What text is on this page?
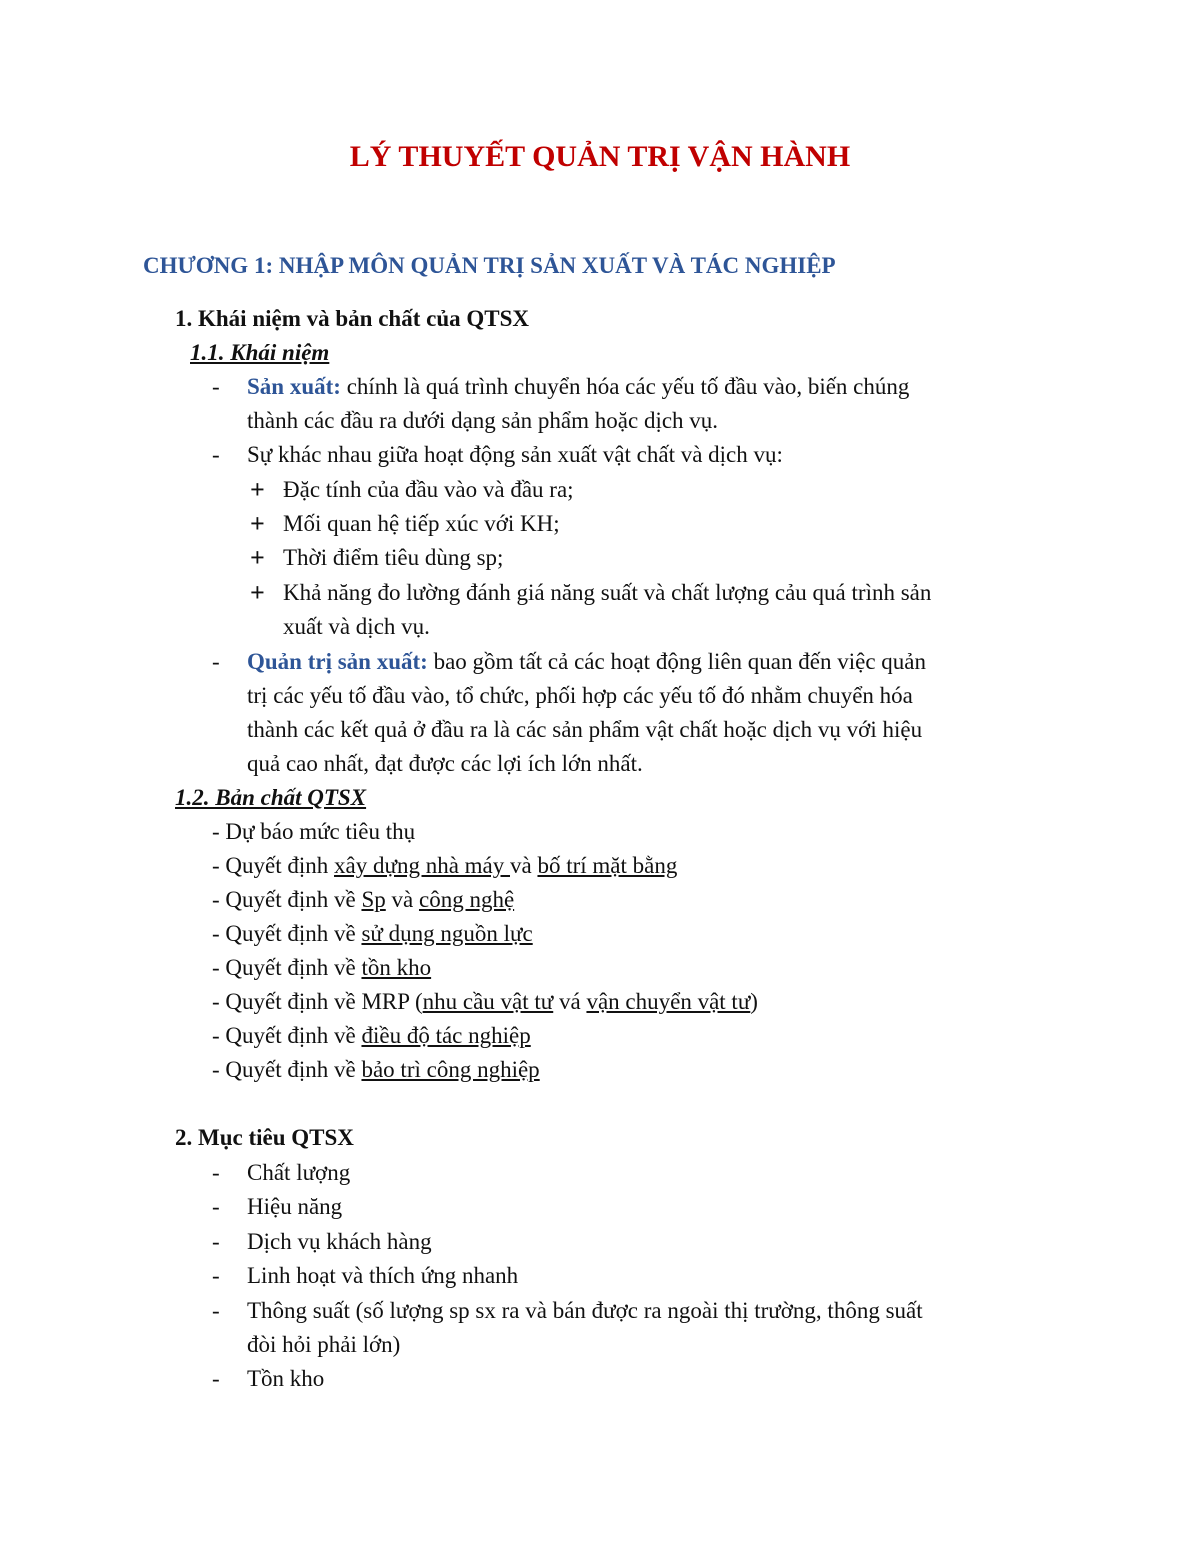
LÝ THUYẾT QUẢN TRỊ VẬN HÀNH
CHƯƠNG 1: NHẬP MÔN QUẢN TRỊ SẢN XUẤT VÀ TÁC NGHIỆP
1. Khái niệm và bản chất của QTSX
1.1. Khái niệm
- Sản xuất: chính là quá trình chuyển hóa các yếu tố đầu vào, biến chúng
thành các đầu ra dưới dạng sản phẩm hoặc dịch vụ.
- Sự khác nhau giữa hoạt động sản xuất vật chất và dịch vụ:
+ Đặc tính của đầu vào và đầu ra;
+ Mối quan hệ tiếp xúc với KH;
+ Thời điểm tiêu dùng sp;
+ Khả năng đo lường đánh giá năng suất và chất lượng cảu quá trình sản
xuất và dịch vụ.
- Quản trị sản xuất: bao gồm tất cả các hoạt động liên quan đến việc quản
trị các yếu tố đầu vào, tổ chức, phối hợp các yếu tố đó nhằm chuyển hóa
thành các kết quả ở đầu ra là các sản phẩm vật chất hoặc dịch vụ với hiệu
quả cao nhất, đạt được các lợi ích lớn nhất.
1.2. Bản chất QTSX
- Dự báo mức tiêu thụ
- Quyết định xây dựng nhà máy và bố trí mặt bằng
- Quyết định về Sp và công nghệ
- Quyết định về sử dụng nguồn lực
- Quyết định về tồn kho
- Quyết định về MRP (nhu cầu vật tư vá vận chuyển vật tư)
- Quyết định về điều độ tác nghiệp
- Quyết định về bảo trì công nghiệp
2. Mục tiêu QTSX
- Chất lượng
- Hiệu năng
- Dịch vụ khách hàng
- Linh hoạt và thích ứng nhanh
- Thông suất (số lượng sp sx ra và bán được ra ngoài thị trường, thông suất
đòi hỏi phải lớn)
- Tồn kho
